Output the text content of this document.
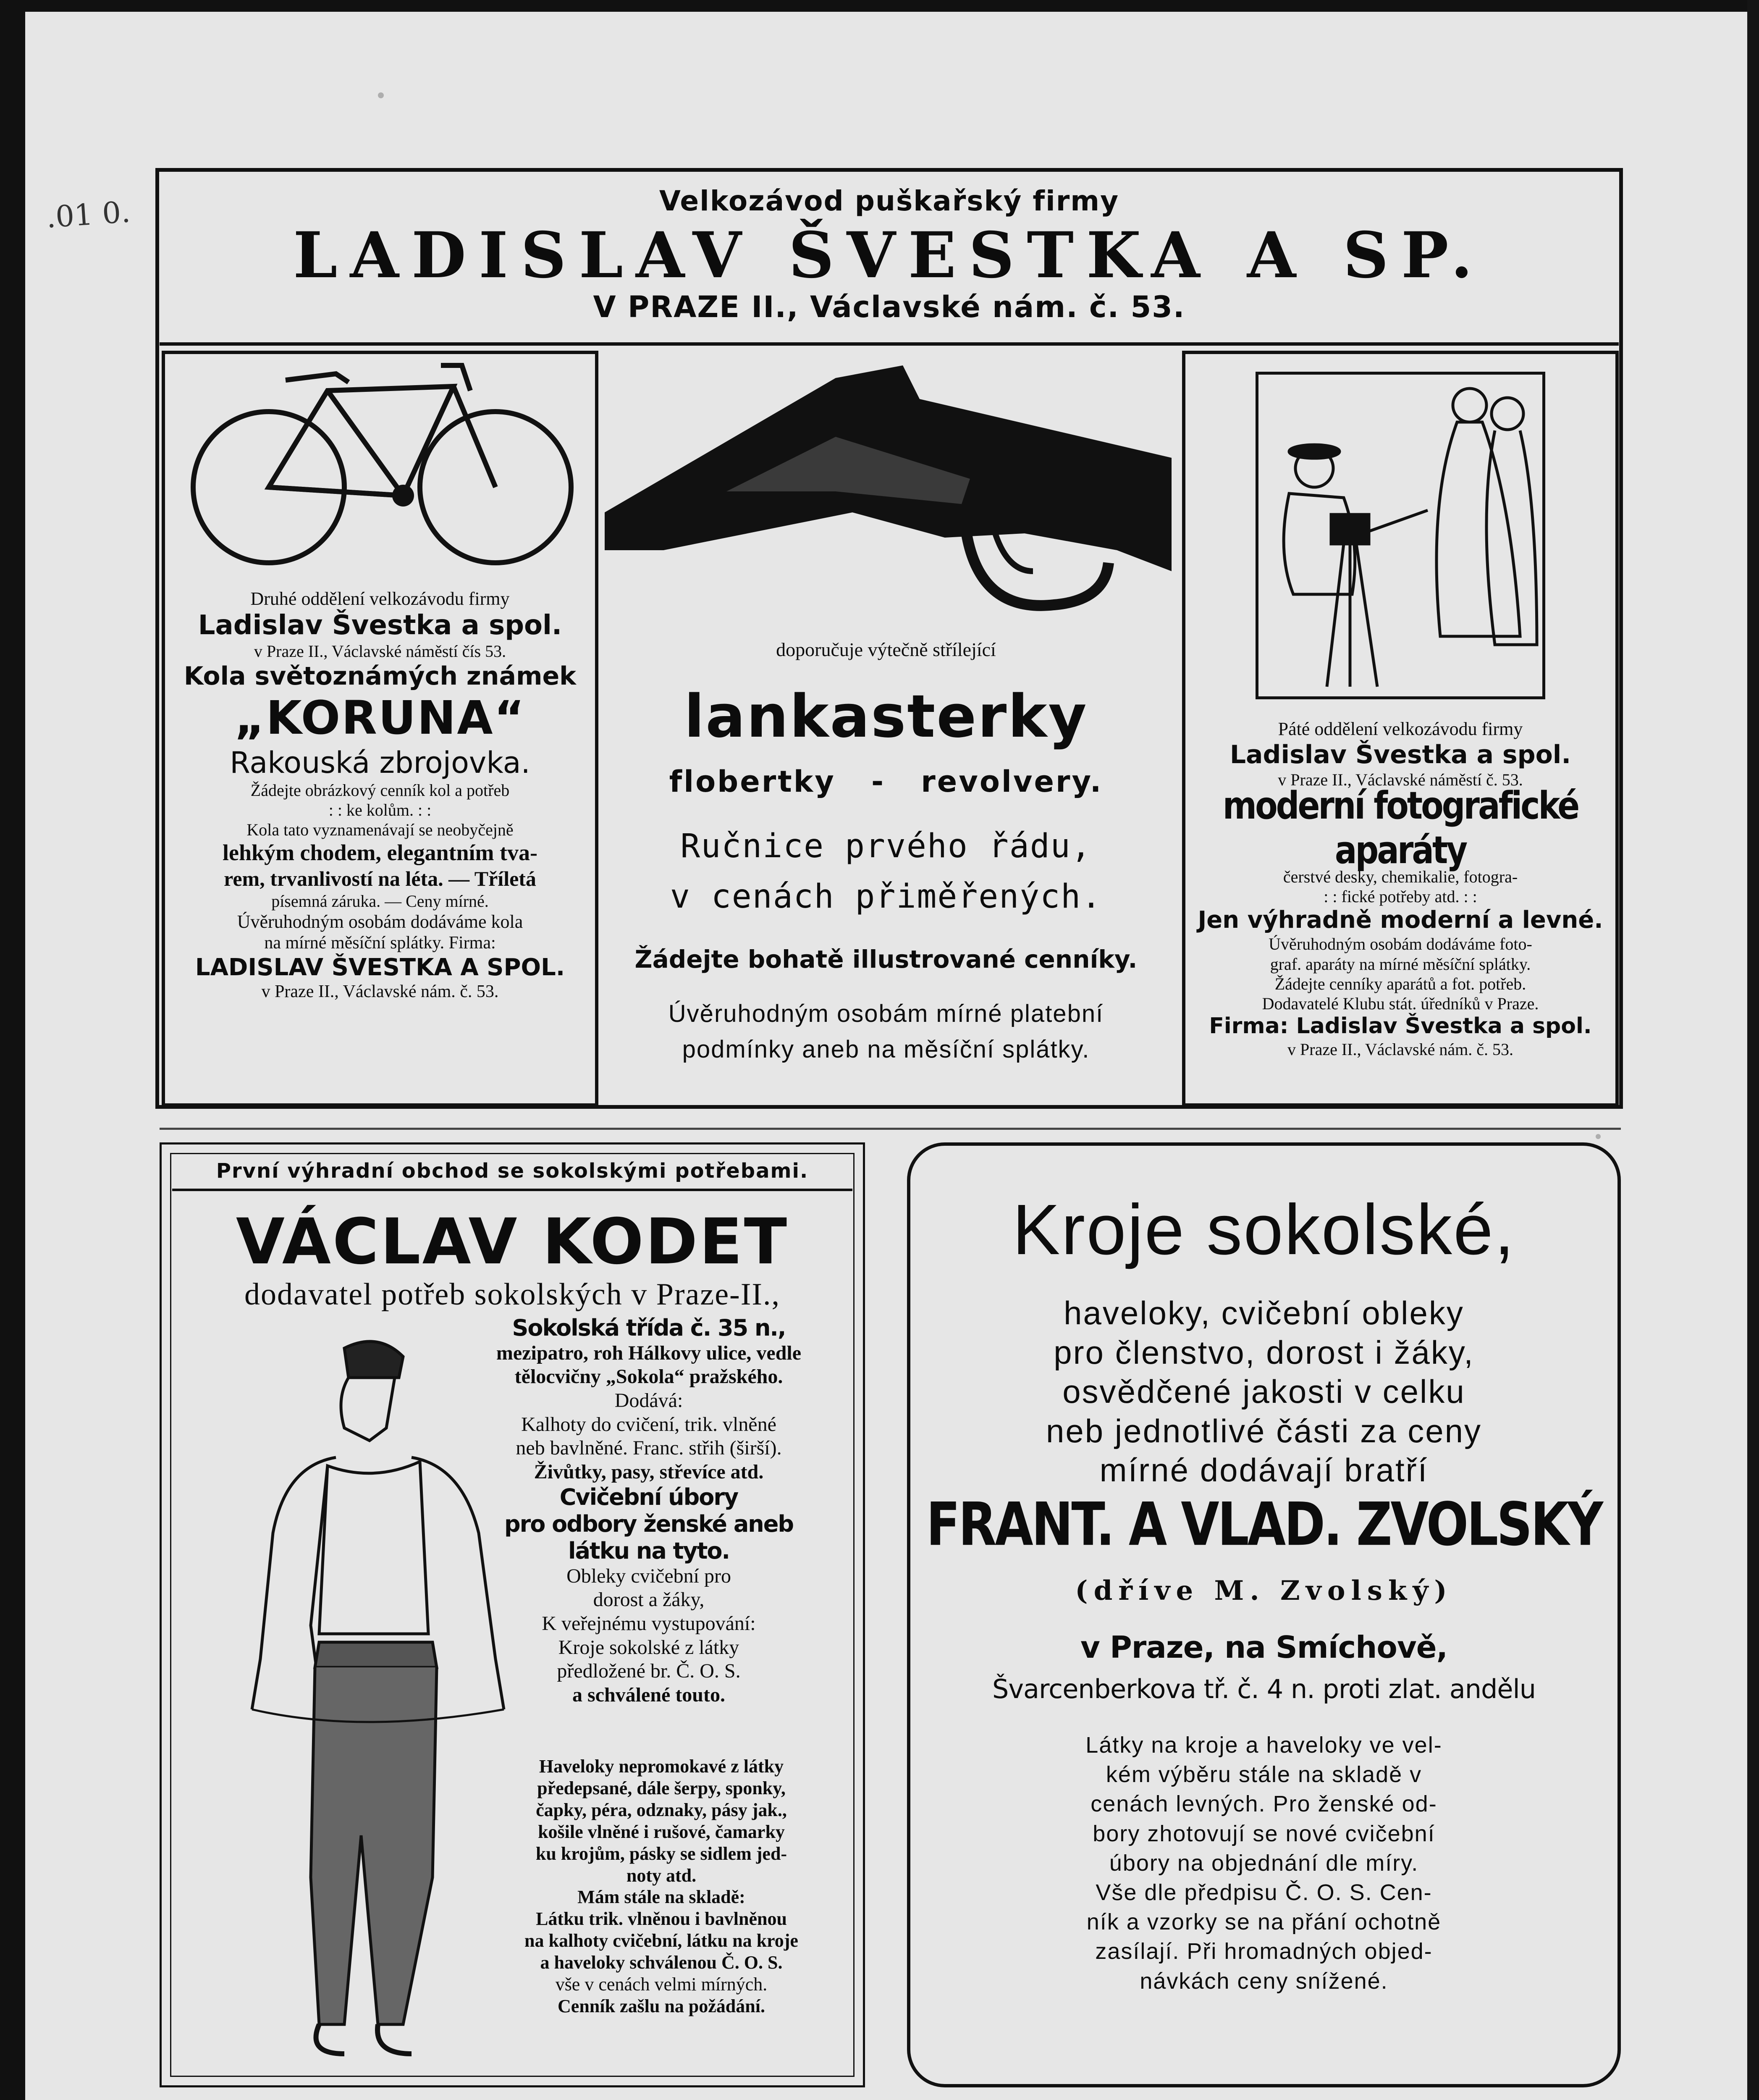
.01 0.	Velkozávod puškařský firmy
LADISLAV ŠVESTKA A SP.
V PRAZE II., Václavské nám. č. 53.
Druhé oddělení velkozávodu firmy
Ladislav Švestka a spol.
v Praze II., Václavské náměstí čís 53.
Kola světoznámých známek
„KORUNA“
Rakouská zbrojovka.
Žádejte obrázkový cenník kol a potřeb
: : ke kolům. : :
Kola tato vyznamenávají se neobyčejně
lehkým chodem, elegantním tva-
rem, trvanlivostí na léta. — Tříletá
písemná záruka. — Ceny mírné.
Úvěruhodným osobám dodáváme kola
na mírné měsíční splátky. Firma:
LADISLAV ŠVESTKA A SPOL.
v Praze II., Václavské nám. č. 53.
doporučuje výtečně střílející
lankasterky
flobertky   -   revolvery.
Ručnice prvého řádu,
v cenách přiměřených.
Žádejte bohatě illustrované cenníky.
Úvěruhodným osobám mírné platební
podmínky aneb na měsíční splátky.
Páté oddělení velkozávodu firmy
Ladislav Švestka a spol.
v Praze II., Václavské náměstí č. 53.
moderní fotografické aparáty
čerstvé desky, chemikalie, fotogra-
: : fické potřeby atd. : :
Jen výhradně moderní a levné.
Úvěruhodným osobám dodáváme foto-
graf. aparáty na mírné měsíční splátky.
Žádejte cenníky aparátů a fot. potřeb.
Dodavatelé Klubu stát. úředníků v Praze.
Firma: Ladislav Švestka a spol.
v Praze II., Václavské nám. č. 53.
První výhradní obchod se sokolskými potřebami.
VÁCLAV KODET
dodavatel potřeb sokolských v Praze-II.,
Sokolská třída č. 35 n.,
mezipatro, roh Hálkovy ulice, vedle
tělocvičny „Sokola“ pražského.
Dodává:
Kalhoty do cvičení, trik. vlněné
neb bavlněné. Franc. střih (širší).
Živůtky, pasy, střevíce atd.
Cvičební úbory
pro odbory ženské aneb
látku na tyto.
Obleky cvičební pro
dorost a žáky,
K veřejnému vystupování:
Kroje sokolské z látky
předložené br. Č. O. S.
a schválené touto.
Haveloky nepromokavé z látky
předepsané, dále šerpy, sponky,
čapky, péra, odznaky, pásy jak.,
košile vlněné i rušové, čamarky
ku krojům, pásky se sidlem jed-
noty atd.
Mám stále na skladě:
Látku trik. vlněnou i bavlněnou
na kalhoty cvičební, látku na kroje
a haveloky schválenou Č. O. S.
vše v cenách velmi mírných.
Cenník zašlu na požádání.
Kroje sokolské,
haveloky, cvičební obleky
pro členstvo, dorost i žáky,
osvědčené jakosti v celku
neb jednotlivé části za ceny
mírné dodávají bratří
FRANT. A VLAD. ZVOLSKÝ
(dříve M. Zvolský)
v Praze, na Smíchově,
Švarcenberkova tř. č. 4 n. proti zlat. andělu
Látky na kroje a haveloky ve vel-
kém výběru stále na skladě v
cenách levných. Pro ženské od-
bory zhotovují se nové cvičební
úbory na objednání dle míry.
Vše dle předpisu Č. O. S. Cen-
ník a vzorky se na přání ochotně
zasílají. Při hromadných objed-
návkách ceny snížené.
